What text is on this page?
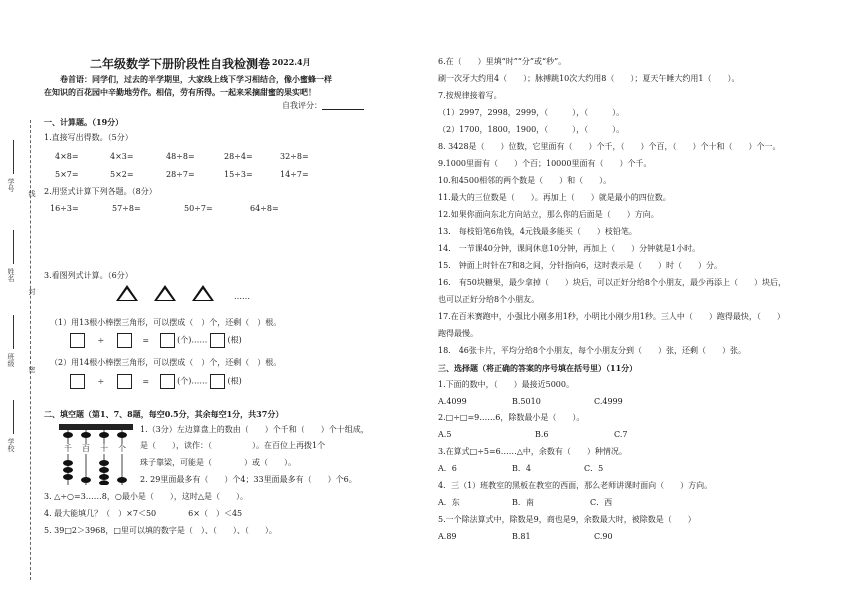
学号
姓名
班级
学校
线
封
密
二年级数学下册阶段性自我检测卷 2022.4月
卷首语：同学们，过去的半学期里，大家线上线下学习相结合，像小蜜蜂一样
在知识的百花园中辛勤地劳作。相信，劳有所得。一起来采摘甜蜜的果实吧！
自我评分：
一、计算题。（19分）
1.直接写出得数。（5分）
4×8=	4×3=	48÷8=	28÷4=	32÷8=
5×7=	5×2=	28÷7=	15÷3=	14÷7=
2.用竖式计算下列各题。（8分）
16÷3=	57÷8=	50÷7=	64÷8=
3.看图列式计算。（6分）
……
（1）用13根小棒摆三角形，可以摆成（　）个，还剩（　）根。
÷	=	(个)……	(根)
（2）用14根小棒摆三角形，可以摆成（　）个，还剩（　）根。
÷	=	(个)……	(根)
二、填空题（第1、7、8题，每空0.5分，其余每空1分，共37分）
千 百 十 个
1.（3分）左边算盘上的数由（　　）个千和（　　）个十组成，
是（　　），读作：（　　　　　）。在百位上再拨1个
珠子靠梁，可能是（　　　　）或（　　）。
2. 29里面最多有（　　）个4；33里面最多有（　　）个6。
3. △÷○=3……8，○最小是（　　），这时△是（　　）。
4. 最大能填几？（　）×7＜50　　　　6×（　）＜45
5. 39□2＞3968，□里可以填的数字是（　）、（　　）、（　　）。
6.在（　　）里填“时”“分”或“秒”。
刷一次牙大约用4（　　）；脉搏跳10次大约用8（　　）；夏天午睡大约用1（　　）。
7.按规律接着写。
（1）2997，2998，2999，（　　　），（　　　）。
（2）1700，1800，1900，（　　　），（　　　）。
8. 3428是（　　）位数，它里面有（　　）个千，（　　）个百，（　　）个十和（　　）个一。
9.1000里面有（　　）个百；10000里面有（　　）个千。
10.和4500相邻的两个数是（　　）和（　　）。
11.最大的三位数是（　　）。再加上（　　）就是最小的四位数。
12.如果你面向东北方向站立，那么你的后面是（　　）方向。
13.　每枝铅笔6角钱，4元钱最多能买（　　）枝铅笔。
14.　一节课40分钟，课间休息10分钟，再加上（　　）分钟就是1小时。
15.　钟面上时针在7和8之间，分针指向6，这时表示是（　　）时（　　）分。
16.　有50块糖果，最少拿掉（　　）块后，可以正好分给8个小朋友，最少再添上（　　）块后，
也可以正好分给8个小朋友。
17.在百米赛跑中，小强比小刚多用1秒，小明比小刚少用1秒。三人中（　　）跑得最快，（　　）
跑得最慢。
18.　46张卡片，平均分给8个小朋友，每个小朋友分到（　　）张，还剩（　　）张。
三、选择题（将正确的答案的序号填在括号里）（11分）
1.下面的数中，（　　）最接近5000。
A.4099	B.5010	C.4999
2.□÷□=9……6，除数最小是（　　）。
A.5	B.6	C.7
3.在算式□÷5=6……△中，余数有（　　）种情况。
A．6	B．4	C．5
4．三（1）班教室的黑板在教室的西面，那么老师讲课时面向（　　）方向。
A．东	B．南	C．西
5.一个除法算式中，除数是9，商也是9，余数最大时，被除数是（　　）
A.89	B.81	C.90
